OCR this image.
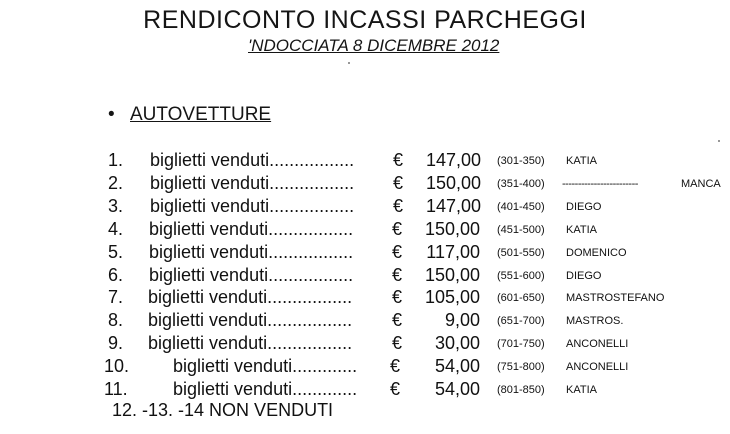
RENDICONTO INCASSI PARCHEGGI
'NDOCCIATA 8 DICEMBRE 2012
• AUTOVETTURE
1. biglietti venduti................. €	147,00 (301-350) KATIA
2. biglietti venduti................. €	150,00 (351-400) ------------------------	MANCA
3. biglietti venduti................. €	147,00 (401-450) DIEGO
4. biglietti venduti................. €	150,00 (451-500) KATIA
5. biglietti venduti................. €	117,00 (501-550) DOMENICO
6. biglietti venduti................. €	150,00 (551-600) DIEGO
7. biglietti venduti................. €	105,00 (601-650) MASTROSTEFANO
8. biglietti venduti................. €	9,00 (651-700) MASTROS.
9. biglietti venduti................. €	30,00 (701-750) ANCONELLI
10. biglietti venduti............. €	54,00 (751-800) ANCONELLI
11.	biglietti venduti............. €	54,00 (801-850) KATIA
12. -13. -14 NON VENDUTI
